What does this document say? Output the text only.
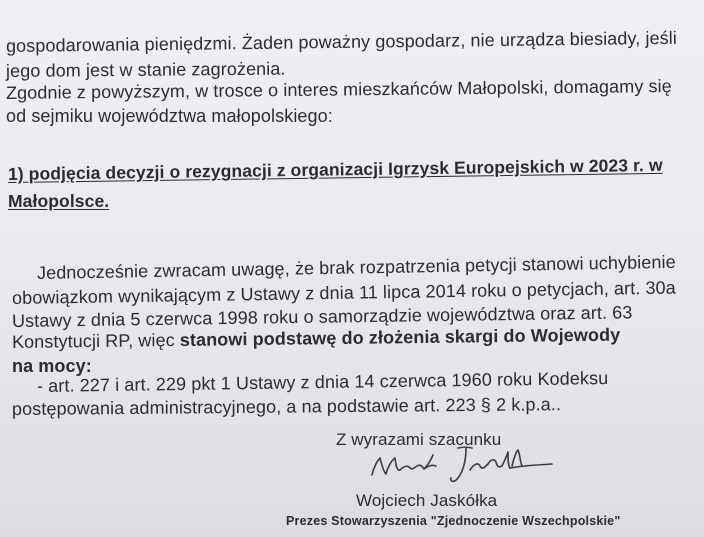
gospodarowania pieniędzmi. Żaden poważny gospodarz, nie urządza biesiady, jeśli
jego dom jest w stanie zagrożenia.
Zgodnie z powyższym, w trosce o interes mieszkańców Małopolski, domagamy się
od sejmiku województwa małopolskiego:
1) podjęcia decyzji o rezygnacji z organizacji Igrzysk Europejskich w 2023 r. w
Małopolsce.
Jednocześnie zwracam uwagę, że brak rozpatrzenia petycji stanowi uchybienie
obowiązkom wynikającym z Ustawy z dnia 11 lipca 2014 roku o petycjach, art. 30a
Ustawy z dnia 5 czerwca 1998 roku o samorządzie województwa oraz art. 63
Konstytucji RP, więc stanowi podstawę do złożenia skargi do Wojewody
na mocy:
- art. 227 i art. 229 pkt 1 Ustawy z dnia 14 czerwca 1960 roku Kodeksu
postępowania administracyjnego, a na podstawie art. 223 § 2 k.p.a..
Z wyrazami szacunku
Wojciech Jaskółka
Prezes Stowarzyszenia "Zjednoczenie Wszechpolskie"
